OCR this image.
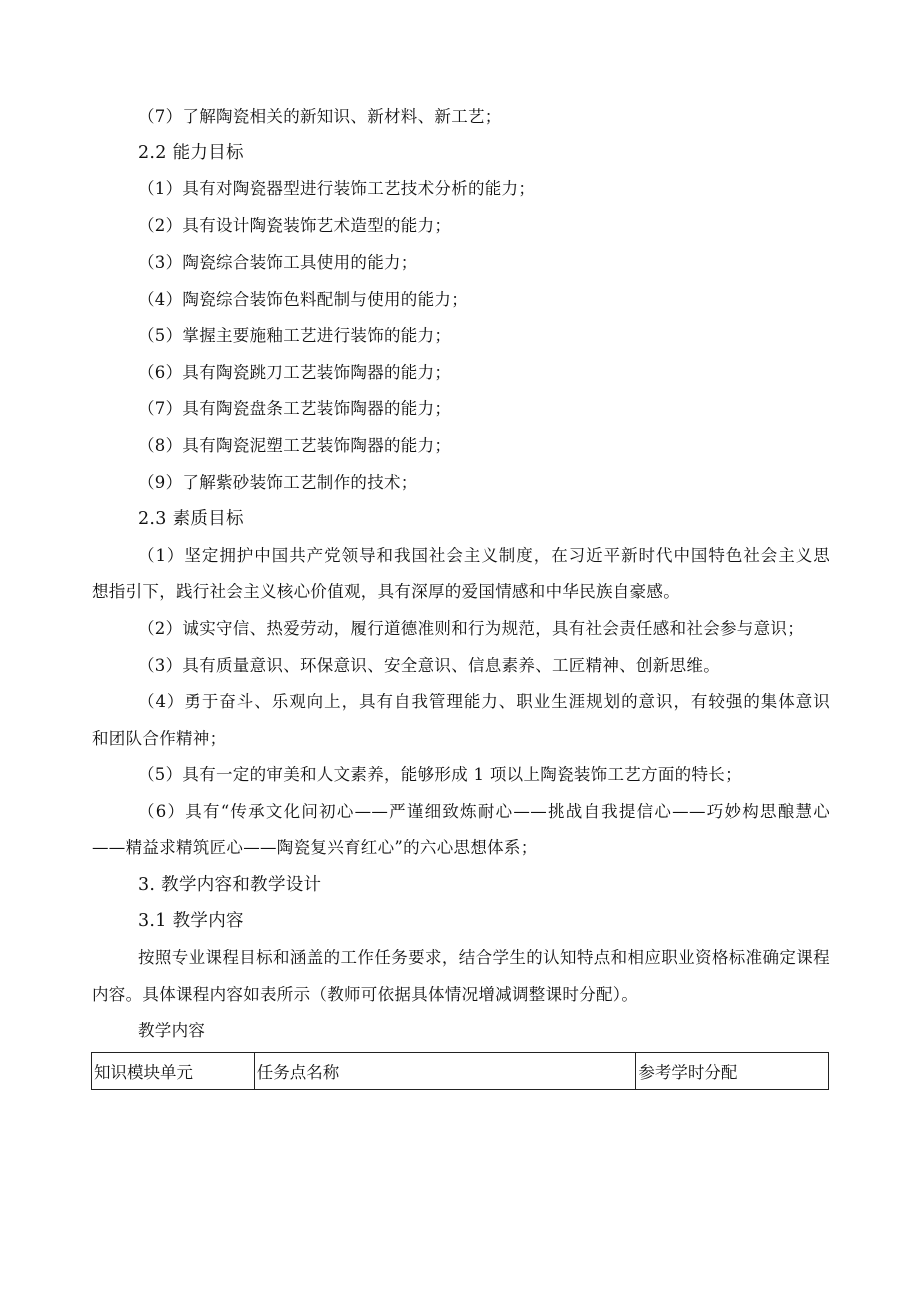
（7）了解陶瓷相关的新知识、新材料、新工艺；
2.2 能力目标
（1）具有对陶瓷器型进行装饰工艺技术分析的能力；
（2）具有设计陶瓷装饰艺术造型的能力；
（3）陶瓷综合装饰工具使用的能力；
（4）陶瓷综合装饰色料配制与使用的能力；
（5）掌握主要施釉工艺进行装饰的能力；
（6）具有陶瓷跳刀工艺装饰陶器的能力；
（7）具有陶瓷盘条工艺装饰陶器的能力；
（8）具有陶瓷泥塑工艺装饰陶器的能力；
（9）了解紫砂装饰工艺制作的技术；
2.3 素质目标
（1）坚定拥护中国共产党领导和我国社会主义制度，在习近平新时代中国特色社会主义思
想指引下，践行社会主义核心价值观，具有深厚的爱国情感和中华民族自豪感。
（2）诚实守信、热爱劳动，履行道德准则和行为规范，具有社会责任感和社会参与意识；
（3）具有质量意识、环保意识、安全意识、信息素养、工匠精神、创新思维。
（4）勇于奋斗、乐观向上，具有自我管理能力、职业生涯规划的意识，有较强的集体意识
和团队合作精神；
（5）具有一定的审美和人文素养，能够形成 1 项以上陶瓷装饰工艺方面的特长；
（6）具有“传承文化问初心——严谨细致炼耐心——挑战自我提信心——巧妙构思酿慧心
——精益求精筑匠心——陶瓷复兴育红心”的六心思想体系；
3. 教学内容和教学设计
3.1 教学内容
按照专业课程目标和涵盖的工作任务要求，结合学生的认知特点和相应职业资格标准确定课程
内容。具体课程内容如表所示（教师可依据具体情况增减调整课时分配）。
教学内容
知识模块单元	任务点名称	参考学时分配
